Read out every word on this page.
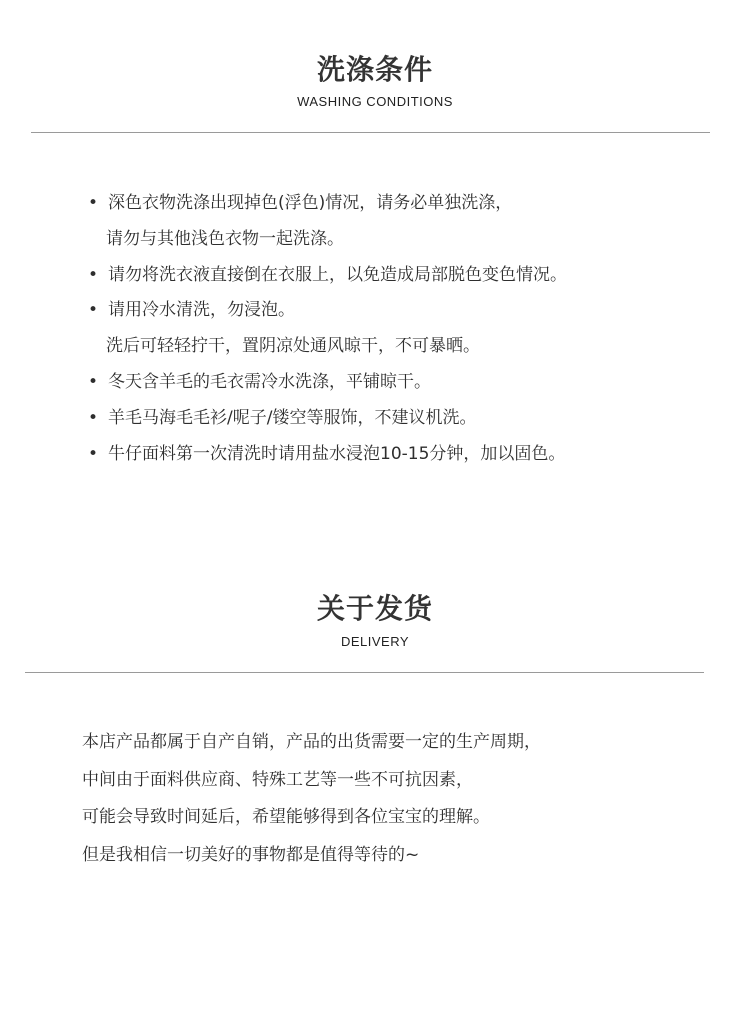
洗涤条件
WASHING CONDITIONS
• 深色衣物洗涤出现掉色(浮色)情况，请务必单独洗涤，
请勿与其他浅色衣物一起洗涤。
• 请勿将洗衣液直接倒在衣服上，以免造成局部脱色变色情况。
• 请用冷水清洗，勿浸泡。
洗后可轻轻拧干，置阴凉处通风晾干，不可暴晒。
• 冬天含羊毛的毛衣需冷水洗涤，平铺晾干。
• 羊毛马海毛毛衫/呢子/镂空等服饰，不建议机洗。
• 牛仔面料第一次清洗时请用盐水浸泡10-15分钟，加以固色。
关于发货
DELIVERY
本店产品都属于自产自销，产品的出货需要一定的生产周期，
中间由于面料供应商、特殊工艺等一些不可抗因素，
可能会导致时间延后，希望能够得到各位宝宝的理解。
但是我相信一切美好的事物都是值得等待的~
